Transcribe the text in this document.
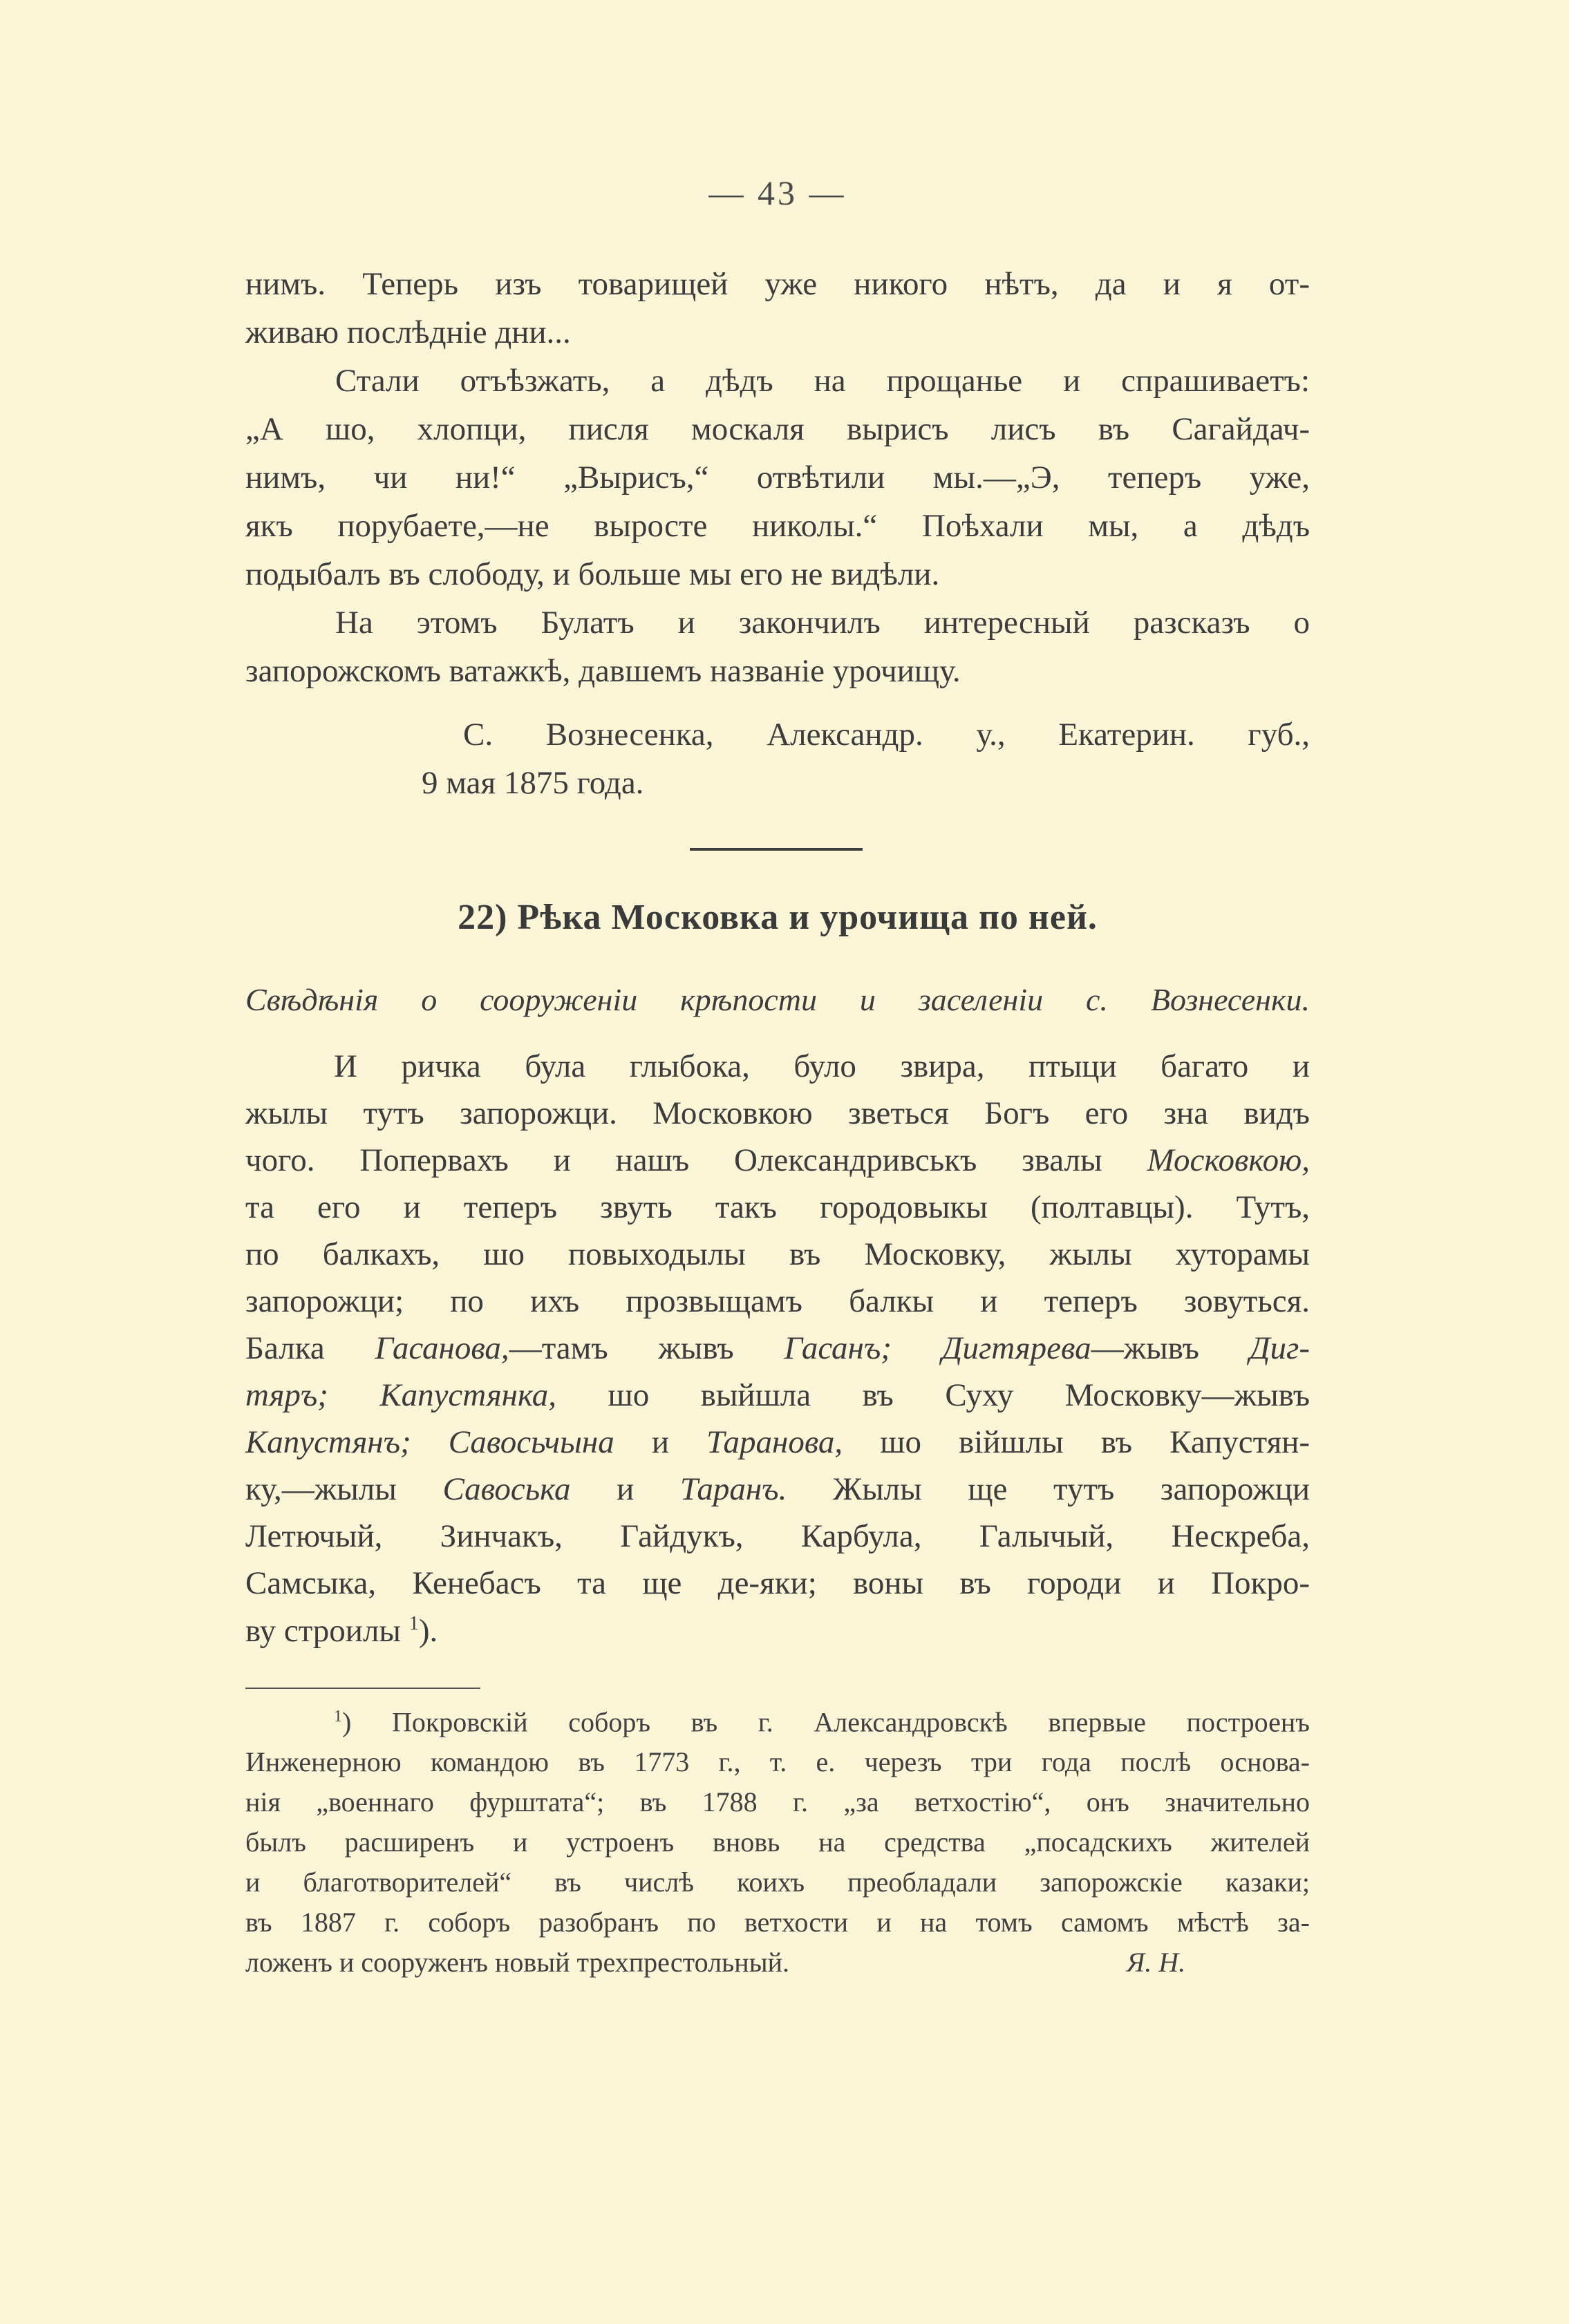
— 43 —
нимъ. Теперь изъ товарищей уже никого нѣтъ, да и я от-
живаю послѣдніе дни...
Стали отъѣзжать, а дѣдъ на прощанье и спрашиваетъ:
„А шо, хлопци, писля москаля вырисъ лисъ въ Сагайдач-
нимъ, чи ни!“ „Вырисъ,“ отвѣтили мы.—„Э, теперъ уже,
якъ порубаете,—не выросте николы.“ Поѣхали мы, а дѣдъ
подыбалъ въ слободу, и больше мы его не видѣли.
На этомъ Булатъ и закончилъ интересный разсказъ о
запорожскомъ ватажкѣ, давшемъ названіе урочищу.
С. Вознесенка, Александр. у., Екатерин. губ.,
9 мая 1875 года.
22) Рѣка Московка и урочища по ней.
Свѣдѣнія о сооруженіи крѣпости и заселеніи с. Вознесенки.
И ричка була глыбока, було звира, птыци багато и
жылы тутъ запорожци. Московкою зветься Богъ его зна видъ
чого. Попервахъ и нашъ Олександривськъ звалы Московкою,
та его и теперъ звуть такъ городовыкы (полтавцы). Тутъ,
по балкахъ, шо повыходылы въ Московку, жылы хуторамы
запорожци; по ихъ прозвыщамъ балкы и теперъ зовуться.
Балка Гасанова,—тамъ жывъ Гасанъ; Дигтярева—жывъ Диг-
тяръ; Капустянка, шо выйшла въ Суху Московку—жывъ
Капустянъ; Савосьчына и Таранова, шо війшлы въ Капустян-
ку,—жылы Савоська и Таранъ. Жылы ще тутъ запорожци
Летючый, Зинчакъ, Гайдукъ, Карбула, Галычый, Нескреба,
Самсыка, Кенебасъ та ще де-яки; воны въ городи и Покро-
ву строилы $^1$).
$^1$) Покровскій соборъ въ г. Александровскѣ впервые построенъ
Инженерною командою въ 1773 г., т. е. черезъ три года послѣ основа-
нія „военнаго фурштата“; въ 1788 г. „за ветхостію“, онъ значительно
былъ расширенъ и устроенъ вновь на средства „посадскихъ жителей
и благотворителей“ въ числѣ коихъ преобладали запорожскіе казаки;
въ 1887 г. соборъ разобранъ по ветхости и на томъ самомъ мѣстѣ за-
ложенъ и сооруженъ новый трехпрестольный.	Я. Н.
